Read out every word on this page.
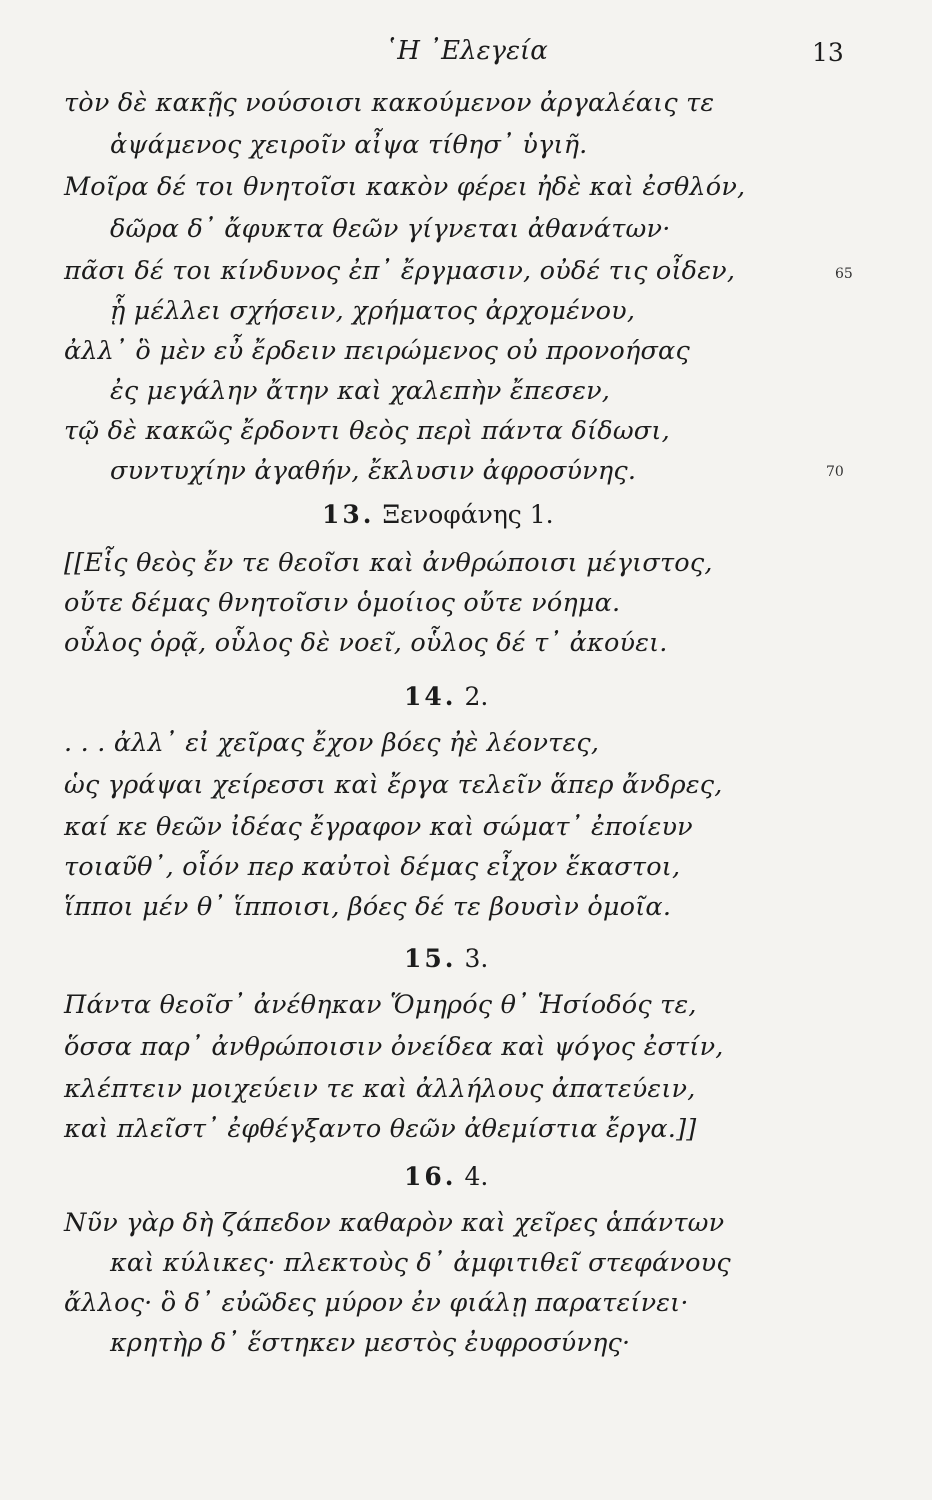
῾Η ᾿Ελεγεία	13
τὸν δὲ κακῇς νούσοισι κακούμενον ἀργαλέαις τε
ἁψάμενος χειροῖν αἶψα τίθησ᾿ ὑγιῆ.
Μοῖρα δέ τοι θνητοῖσι κακὸν φέρει ἠδὲ καὶ ἐσθλόν,
δῶρα δ᾿ ἄφυκτα θεῶν γίγνεται ἀθανάτων·
πᾶσι δέ τοι κίνδυνος ἐπ᾿ ἔργμασιν, οὐδέ τις οἶδεν,	65
ᾗ μέλλει σχήσειν, χρήματος ἀρχομένου,
ἀλλ᾿ ὃ μὲν εὖ ἔρδειν πειρώμενος οὐ προνοήσας
ἐς μεγάλην ἄτην καὶ χαλεπὴν ἔπεσεν,
τῷ δὲ κακῶς ἔρδοντι θεὸς περὶ πάντα δίδωσι,
συντυχίην ἀγαθήν, ἔκλυσιν ἀφροσύνης.	70
13. Ξενοφάνης 1.
[[Εἷς θεὸς ἔν τε θεοῖσι καὶ ἀνθρώποισι μέγιστος,
οὔτε δέμας θνητοῖσιν ὁμοίιος οὔτε νόημα.
οὗλος ὁρᾷ, οὗλος δὲ νοεῖ, οὗλος δέ τ᾿ ἀκούει.
14. 2.
. . . ἀλλ᾿ εἰ χεῖρας ἔχον βόες ἠὲ λέοντες,
ὡς γράψαι χείρεσσι καὶ ἔργα τελεῖν ἅπερ ἄνδρες,
καί κε θεῶν ἰδέας ἔγραφον καὶ σώματ᾿ ἐποίευν
τοιαῦθ᾿, οἷόν περ καὐτοὶ δέμας εἶχον ἕκαστοι,
ἵπποι μέν θ᾿ ἵπποισι, βόες δέ τε βουσὶν ὁμοῖα.
15. 3.
Πάντα θεοῖσ᾿ ἀνέθηκαν Ὅμηρός θ᾿ Ἡσίοδός τε,
ὅσσα παρ᾿ ἀνθρώποισιν ὀνείδεα καὶ ψόγος ἐστίν,
κλέπτειν μοιχεύειν τε καὶ ἀλλήλους ἀπατεύειν,
καὶ πλεῖστ᾿ ἐφθέγξαντο θεῶν ἀθεμίστια ἔργα.]]
16. 4.
Νῦν γὰρ δὴ ζάπεδον καθαρὸν καὶ χεῖρες ἁπάντων
καὶ κύλικες· πλεκτοὺς δ᾿ ἀμφιτιθεῖ στεφάνους
ἄλλος· ὃ δ᾿ εὐῶδες μύρον ἐν φιάλῃ παρατείνει·
κρητὴρ δ᾿ ἕστηκεν μεστὸς ἐυφροσύνης·
